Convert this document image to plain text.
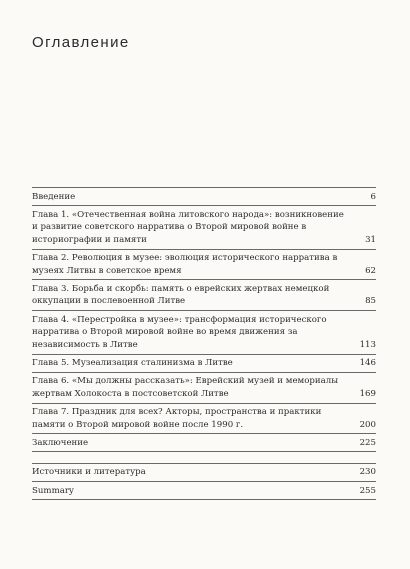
Оглавление
Введение	6
Глава 1. «Отечественная война литовского народа»: возникновение и развитие советского нарратива о Второй мировой войне в историографии и памяти	31
Глава 2. Революция в музее: эволюция исторического нарратива в музеях Литвы в советское время	62
Глава 3. Борьба и скорбь: память о еврейских жертвах немецкой оккупации в послевоенной Литве	85
Глава 4. «Перестройка в музее»: трансформация исторического нарратива о Второй мировой войне во время движения за независимость в Литве	113
Глава 5. Музеализация сталинизма в Литве	146
Глава 6. «Мы должны рассказать»: Еврейский музей и мемориалы жертвам Холокоста в постсоветской Литве	169
Глава 7. Праздник для всех? Акторы, пространства и практики памяти о Второй мировой войне после 1990 г.	200
Заключение	225
Источники и литература	230
Summary	255
